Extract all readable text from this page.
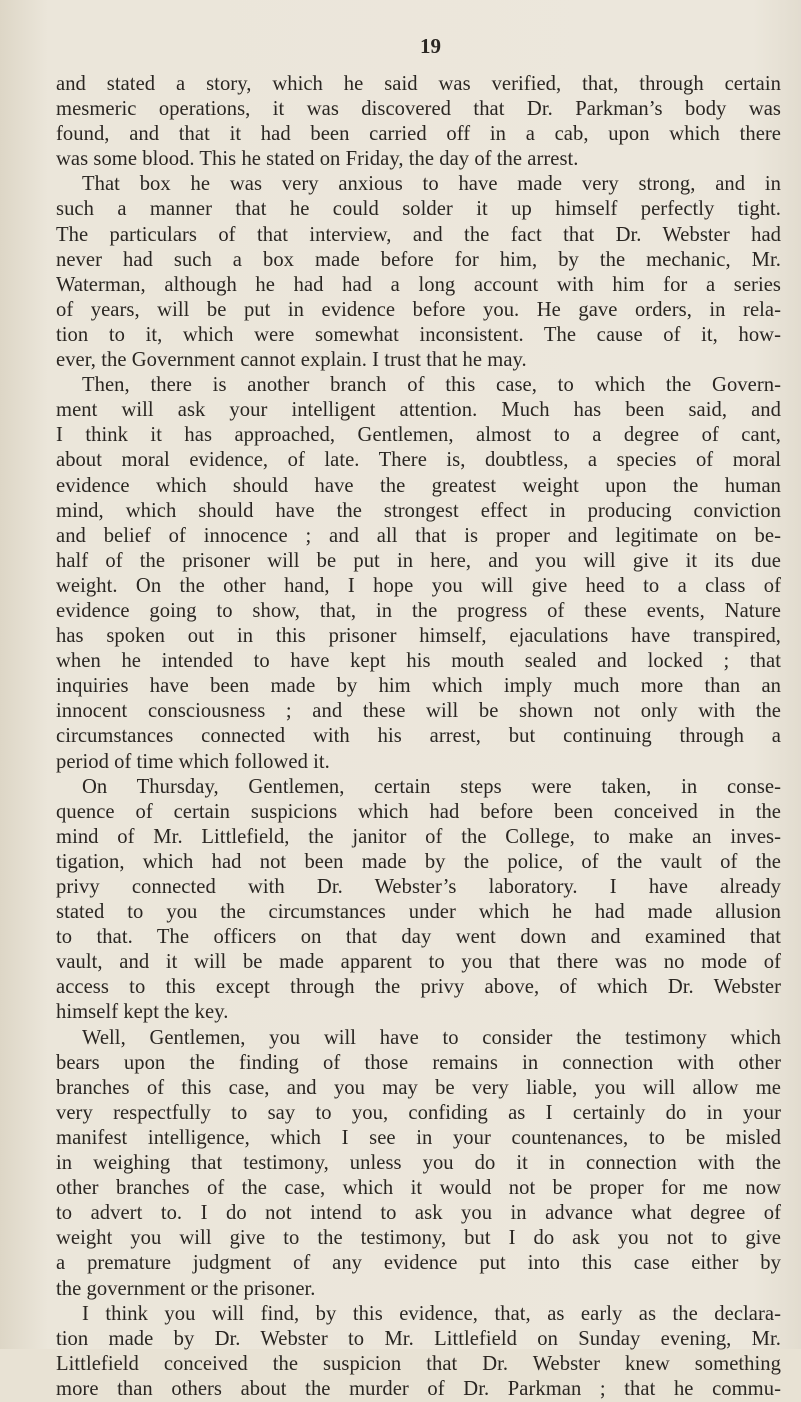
19
and stated a story, which he said was verified, that, through certain
mesmeric operations, it was discovered that Dr. Parkman’s body was
found, and that it had been carried off in a cab, upon which there
was some blood. This he stated on Friday, the day of the arrest.
That box he was very anxious to have made very strong, and in
such a manner that he could solder it up himself perfectly tight.
The particulars of that interview, and the fact that Dr. Webster had
never had such a box made before for him, by the mechanic, Mr.
Waterman, although he had had a long account with him for a series
of years, will be put in evidence before you. He gave orders, in rela-
tion to it, which were somewhat inconsistent. The cause of it, how-
ever, the Government cannot explain. I trust that he may.
Then, there is another branch of this case, to which the Govern-
ment will ask your intelligent attention. Much has been said, and
I think it has approached, Gentlemen, almost to a degree of cant,
about moral evidence, of late. There is, doubtless, a species of moral
evidence which should have the greatest weight upon the human
mind, which should have the strongest effect in producing conviction
and belief of innocence ; and all that is proper and legitimate on be-
half of the prisoner will be put in here, and you will give it its due
weight. On the other hand, I hope you will give heed to a class of
evidence going to show, that, in the progress of these events, Nature
has spoken out in this prisoner himself, ejaculations have transpired,
when he intended to have kept his mouth sealed and locked ; that
inquiries have been made by him which imply much more than an
innocent consciousness ; and these will be shown not only with the
circumstances connected with his arrest, but continuing through a
period of time which followed it.
On Thursday, Gentlemen, certain steps were taken, in conse-
quence of certain suspicions which had before been conceived in the
mind of Mr. Littlefield, the janitor of the College, to make an inves-
tigation, which had not been made by the police, of the vault of the
privy connected with Dr. Webster’s laboratory. I have already
stated to you the circumstances under which he had made allusion
to that. The officers on that day went down and examined that
vault, and it will be made apparent to you that there was no mode of
access to this except through the privy above, of which Dr. Webster
himself kept the key.
Well, Gentlemen, you will have to consider the testimony which
bears upon the finding of those remains in connection with other
branches of this case, and you may be very liable, you will allow me
very respectfully to say to you, confiding as I certainly do in your
manifest intelligence, which I see in your countenances, to be misled
in weighing that testimony, unless you do it in connection with the
other branches of the case, which it would not be proper for me now
to advert to. I do not intend to ask you in advance what degree of
weight you will give to the testimony, but I do ask you not to give
a premature judgment of any evidence put into this case either by
the government or the prisoner.
I think you will find, by this evidence, that, as early as the declara-
tion made by Dr. Webster to Mr. Littlefield on Sunday evening, Mr.
Littlefield conceived the suspicion that Dr. Webster knew something
more than others about the murder of Dr. Parkman ; that he commu-
